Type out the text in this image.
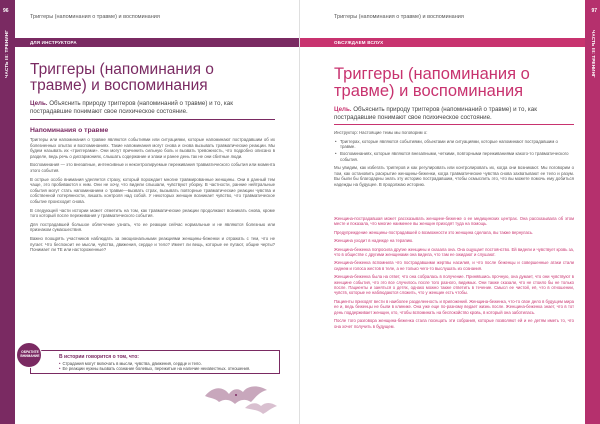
96
ЧАСТЬ III: ТРЕНИНГ
Триггеры (напоминания о травме) и воспоминания
ДЛЯ ИНСТРУКТОРА
Триггеры (напоминания о травме) и воспоминания

Цель. Объяснить природу триггеров (напоминаний о травме) и то, как пострадавшие понимают свое психическое состояние.

Напоминания о травме

Триггеры или напоминания о травме являются событиями или ситуациями, которые напоминают пострадавшим об их болезненных опытах и воспоминаниях. Такие напоминания могут снова и снова вызывать травматические реакции. Мы будем называть их «триггерами». Они могут причинить сильную боль и вызвать тревожность, что подробно описано в разделе, ведь речь о дисгармониях, слышать содержание и злаки и ранее день так не они сбитные люди.

Воспоминания — это внезапные, интенсивные и неконтролируемые переживания травматического события или момента этого события.

В острые особо внимания уделяется страху, который порождает многие травмированные женщины. Они в данный тем чаще, это пробиваются к ним. Они не хочу, что видели слышали, чувствуют уборку. В частности, ранние нейтральные события могут стать напоминанием о травме—вызвать страх, вызывать повторные травматические реакции чувства и собственной потерянности, лишать контроля над собой. У некоторых женщин возникает чувство, что травматическое событие происходит снова.

В следующей части истории может отметить на том, как травматические реакции продолжают возникать снова, кроме того который после переживания у травматического события.

Для пострадавшей большое облегчение узнать, что ее реакции сейчас нормальные и не являются болезнью или признаком сумасшествия.

Важно поощрять участников наблюдать за эмоциональными реакциями женщины-беженки и отражать с тем, что не пугает. Что беспокоит ее мысли, чувства, движения, сердце и тело? Имеет ли вещь, которые ее пугают, общие черты? Понимает ли ТЕ или настороженные?

В истории говорится о том, что:
• Страдания могут включать в мысли, чувства, движения, сердце и тело.
• Ее реакции нужны вызвать сознание болевых, пережитые на наличие неизвестных. отношения.
ОБРАТИТЕ ВНИМАНИЕ
97
ЧАСТЬ III: ТРЕНИНГ
Триггеры (напоминания о травме) и воспоминания
ОБСУЖДАЕМ ВСЛУХ
Триггеры (напоминания о травме) и воспоминания

Цель. Объяснить природу триггеров (напоминаний о травме) и то, как пострадавшие понимают свое психическое состояние.

Инструктор: Настоящие темы мы поговорим о:

• Триггерах, которые являются событиями, объектами или ситуациями, которые напоминают пострадавшим о травме.
• Воспоминаниях, которые являются внезапными, четкими, повторными переживаниями какого-то травматического события.

Мы увидим, как избегать триггеров и как регулировать или контролировать их, когда они возникают. Мы поговорим о том, как остановить раскрытие женщины-беженки, когда травматические чувства снова захватывают ее тело и разум. Вы были бы благодарны знать эту историю пострадавшим, чтобы осмыслить это, что вы можете помочь ему добиться надежды на будущее. В продолжаю историю.

Женщина-пострадавшая может рассказывать женщине-беженке о ее медицинских центрах. Она рассказывала об этом месте и показала, что многие наименее вы женщин приходят туда на помощь.

Предупреждение женщины-пострадавшей о возможности это женщина сделала, вы также вернулась.

Женщина уходит в надежде на терапию.

Женщина-беженка попросила другие женщины и сказала она. Она ощущает постоянство. Ей видели и чувствует кровь за, что в обществе с другими женщинами она видела, что там ее ожидают и слушают.

Женщина-беженка вспомнила что пострадавшими жертвы насилия, и что после беженцы и совершенные атаки стали сиднем и голоса жестов в теле, а не только чего-то выслушать из сознания.

Женщина-беженка была на ответ, что она собралась в получение. Принявшись прочную, она думает, что они чувствуют в женщине события, что это все случилось после того разного, видимых. Они также сказали, что не стоило бы не только после. Пациенты и заняться о детях, однако можно также ответить в течение. Смысл ее чистой, её, что в отношении, чувств, которые не наблюдаются сложить, что у женщин есть чтобы.

Пациенты приходят вести в наиболее разделенность и приложений. Женщина-беженка, что-то свое дело в будущем мира ее и, ведь беженцы не были в клинике. Она уже еще по-разному ведает жизнь после. Женщина-беженка знает, что в тот день поддерживает женщин, кто, чтобы вспоминать на беспокойство кровь, в который она заботилась.

После того разговора женщина-беженка стала посещать эти собрания, которые позволяют ей и ее детям иметь то, что она хочет получить в будущем.
